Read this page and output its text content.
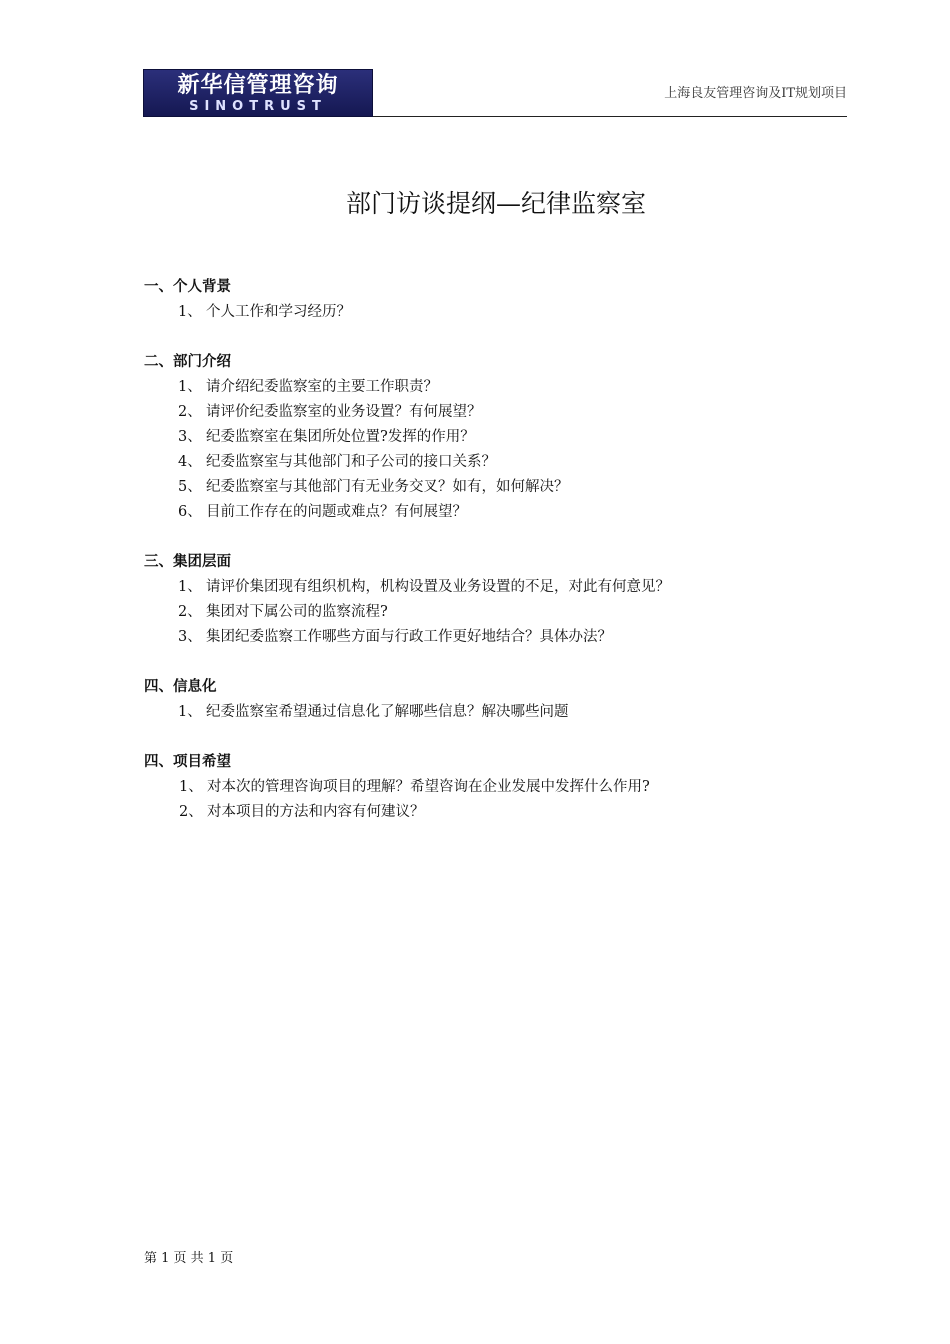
新华信管理咨询
SINOTRUST
上海良友管理咨询及IT规划项目
部门访谈提纲—纪律监察室
一、个人背景
1、 个人工作和学习经历？
二、部门介绍
1、 请介绍纪委监察室的主要工作职责？
2、 请评价纪委监察室的业务设置？有何展望？
3、 纪委监察室在集团所处位置?发挥的作用？
4、 纪委监察室与其他部门和子公司的接口关系？
5、 纪委监察室与其他部门有无业务交叉？如有，如何解决？
6、 目前工作存在的问题或难点？有何展望？
三、集团层面
1、 请评价集团现有组织机构，机构设置及业务设置的不足，对此有何意见？
2、 集团对下属公司的监察流程?
3、 集团纪委监察工作哪些方面与行政工作更好地结合？具体办法？
四、信息化
1、 纪委监察室希望通过信息化了解哪些信息？解决哪些问题
四、项目希望
1、 对本次的管理咨询项目的理解？希望咨询在企业发展中发挥什么作用?
2、 对本项目的方法和内容有何建议？
第 1 页 共 1 页
